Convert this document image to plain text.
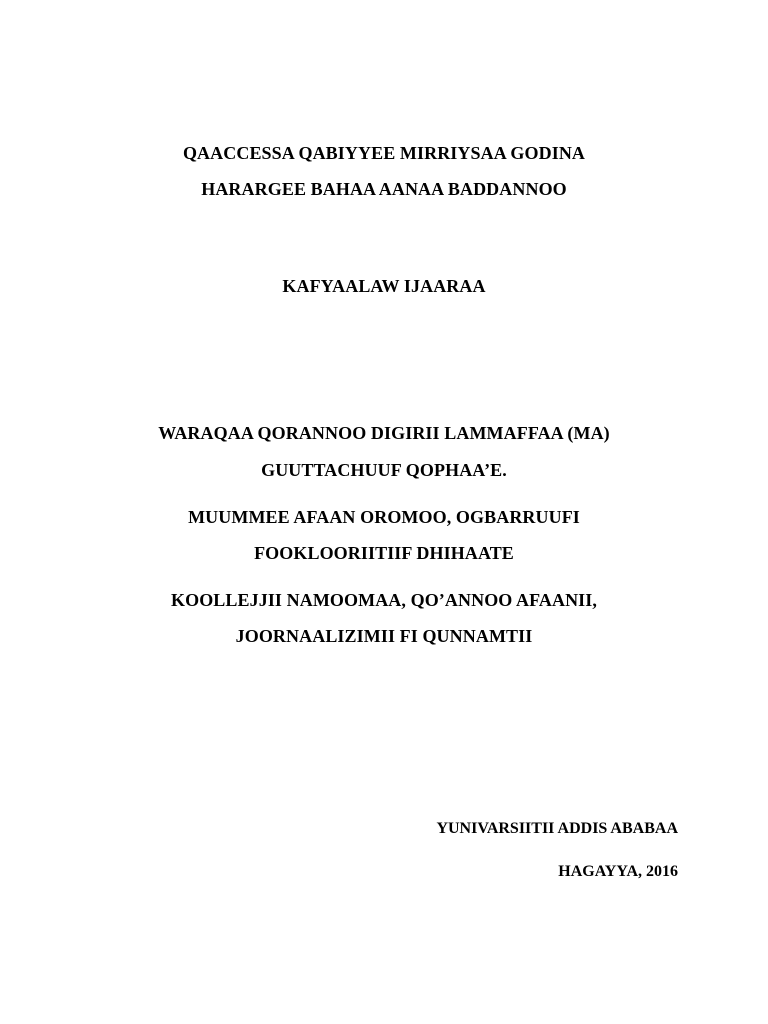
QAACCESSA QABIYYEE MIRRIYSAA GODINA
HARARGEE BAHAA AANAA BADDANNOO
KAFYAALAW IJAARAA
WARAQAA QORANNOO DIGIRII LAMMAFFAA (MA)
GUUTTACHUUF QOPHAA’E.
MUUMMEE AFAAN OROMOO, OGBARRUUFI
FOOKLOORIITIIF DHIHAATE
KOOLLEJJII NAMOOMAA, QO’ANNOO AFAANII,
JOORNAALIZIMII FI QUNNAMTII
YUNIVARSIITII ADDIS ABABAA
HAGAYYA, 2016
